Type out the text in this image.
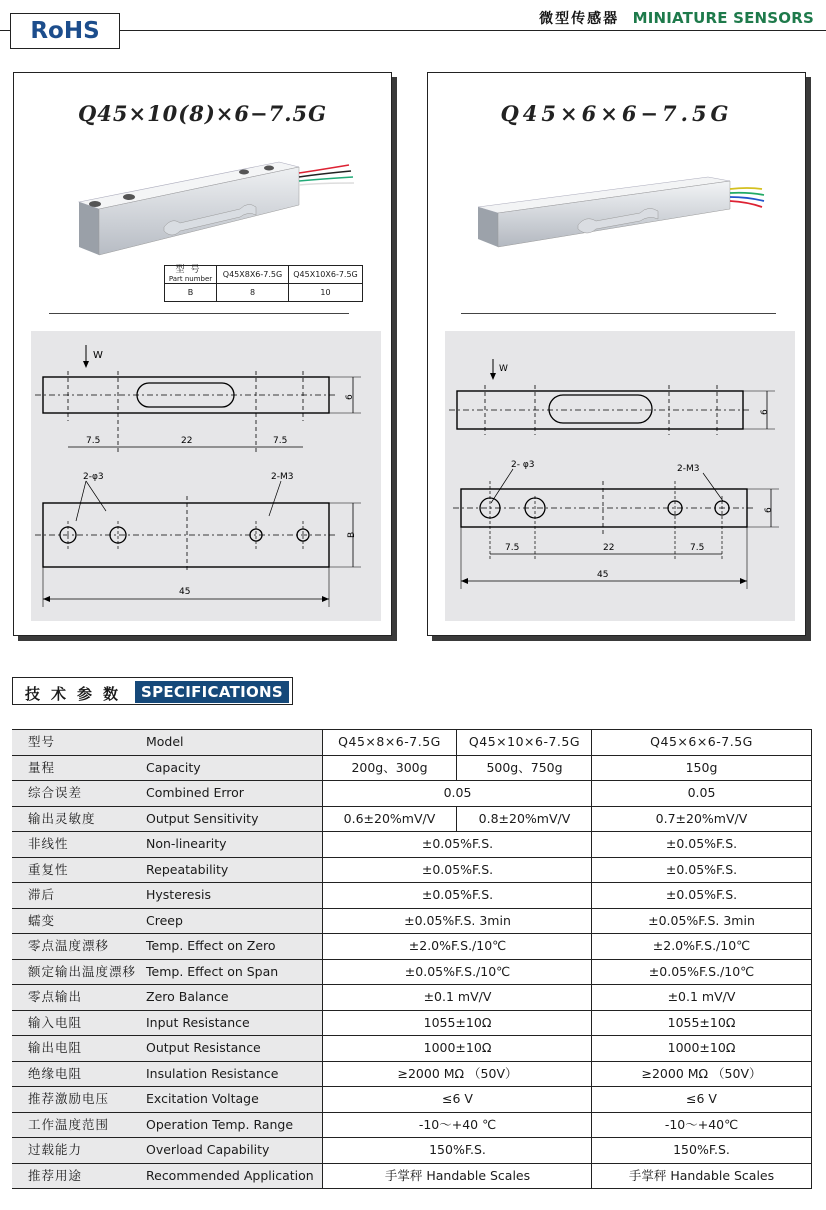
RoHS	微型传感器 MINIATURE SENSORS
Q45×10(8)×6−7.5G
型号
Part number	Q45X8X6-7.5G	Q45X10X6-7.5G
B	8	10
W
7.5	22	7.5
6
2-φ3	2-M3
B
45
Q45×6×6−7.5G
W
6
2- φ3	2-M3
7.5	22	7.5
6
45
技术参数 SPECIFICATIONS
型号	Model	Q45×8×6-7.5G	Q45×10×6-7.5G	Q45×6×6-7.5G
量程	Capacity	200g、300g	500g、750g	150g
综合误差	Combined Error	0.05	0.05
输出灵敏度	Output Sensitivity	0.6±20%mV/V	0.8±20%mV/V	0.7±20%mV/V
非线性	Non-linearity	±0.05%F.S.	±0.05%F.S.
重复性	Repeatability	±0.05%F.S.	±0.05%F.S.
滞后	Hysteresis	±0.05%F.S.	±0.05%F.S.
蠕变	Creep	±0.05%F.S. 3min	±0.05%F.S. 3min
零点温度漂移	Temp. Effect on Zero	±2.0%F.S./10℃	±2.0%F.S./10℃
额定输出温度漂移 Temp. Effect on Span	±0.05%F.S./10℃	±0.05%F.S./10℃
零点输出	Zero Balance	±0.1 mV/V	±0.1 mV/V
输入电阻	Input Resistance	1055±10Ω	1055±10Ω
输出电阻	Output Resistance	1000±10Ω	1000±10Ω
绝缘电阻	Insulation Resistance	≥2000 MΩ （50V）	≥2000 MΩ （50V）
推荐激励电压	Excitation Voltage	≤6 V	≤6 V
工作温度范围	Operation Temp. Range	-10～+40 ℃	-10～+40℃
过载能力	Overload Capability	150%F.S.	150%F.S.
推荐用途	Recommended Application	手掌秤 Handable Scales	手掌秤 Handable Scales
